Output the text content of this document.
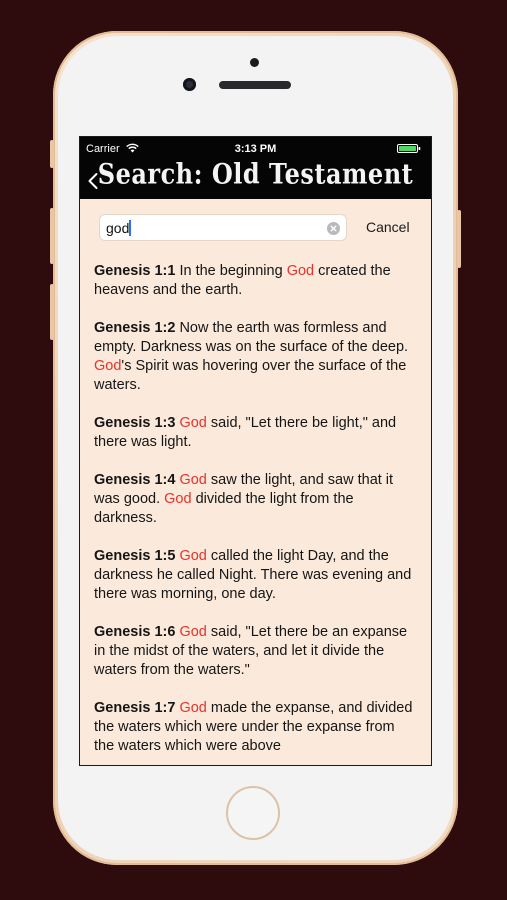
Carrier	3:13 PM
Search: Old Testament
god
Cancel

Genesis 1:1 In the beginning God created the heavens and the earth.

Genesis 1:2 Now the earth was formless and empty. Darkness was on the surface of the deep. God's Spirit was hovering over the surface of the waters.

Genesis 1:3 God said, "Let there be light," and there was light.

Genesis 1:4 God saw the light, and saw that it was good. God divided the light from the darkness.

Genesis 1:5 God called the light Day, and the darkness he called Night. There was evening and there was morning, one day.

Genesis 1:6 God said, "Let there be an expanse in the midst of the waters, and let it divide the waters from the waters."

Genesis 1:7 God made the expanse, and divided the waters which were under the expanse from the waters which were above
